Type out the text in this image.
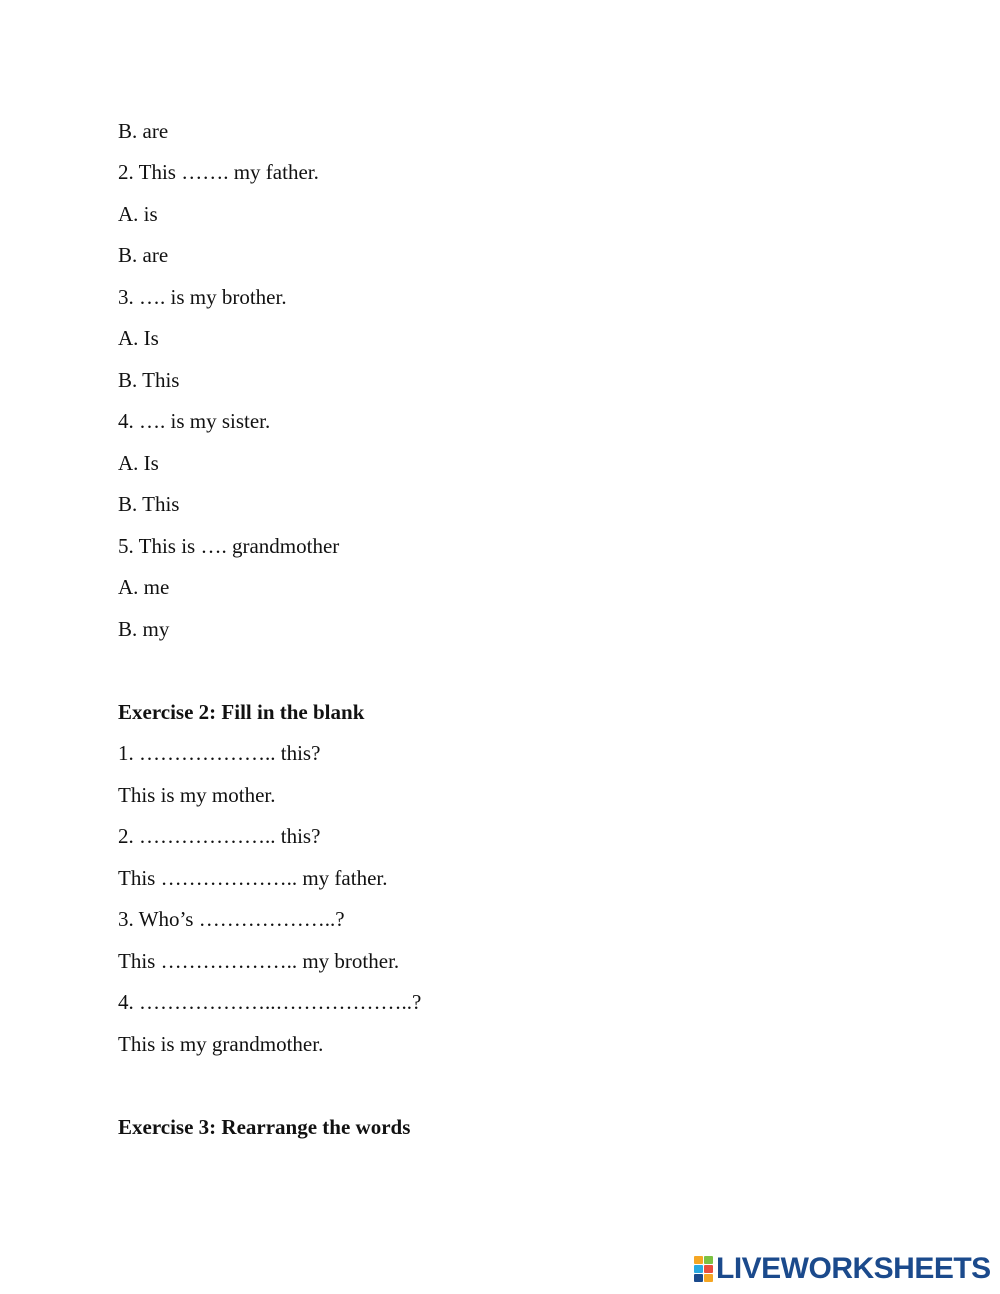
B. are
2. This ……. my father.
A. is
B. are
3. …. is my brother.
A. Is
B. This
4. …. is my sister.
A. Is
B. This
5. This is …. grandmother
A. me
B. my
Exercise 2: Fill in the blank
1. ……………….. this?
This is my mother.
2. ……………….. this?
This ……………….. my father.
3. Who’s ………………..?
This ……………….. my brother.
4. ………………..………………..?
This is my grandmother.
Exercise 3: Rearrange the words
LIVEWORKSHEETS
